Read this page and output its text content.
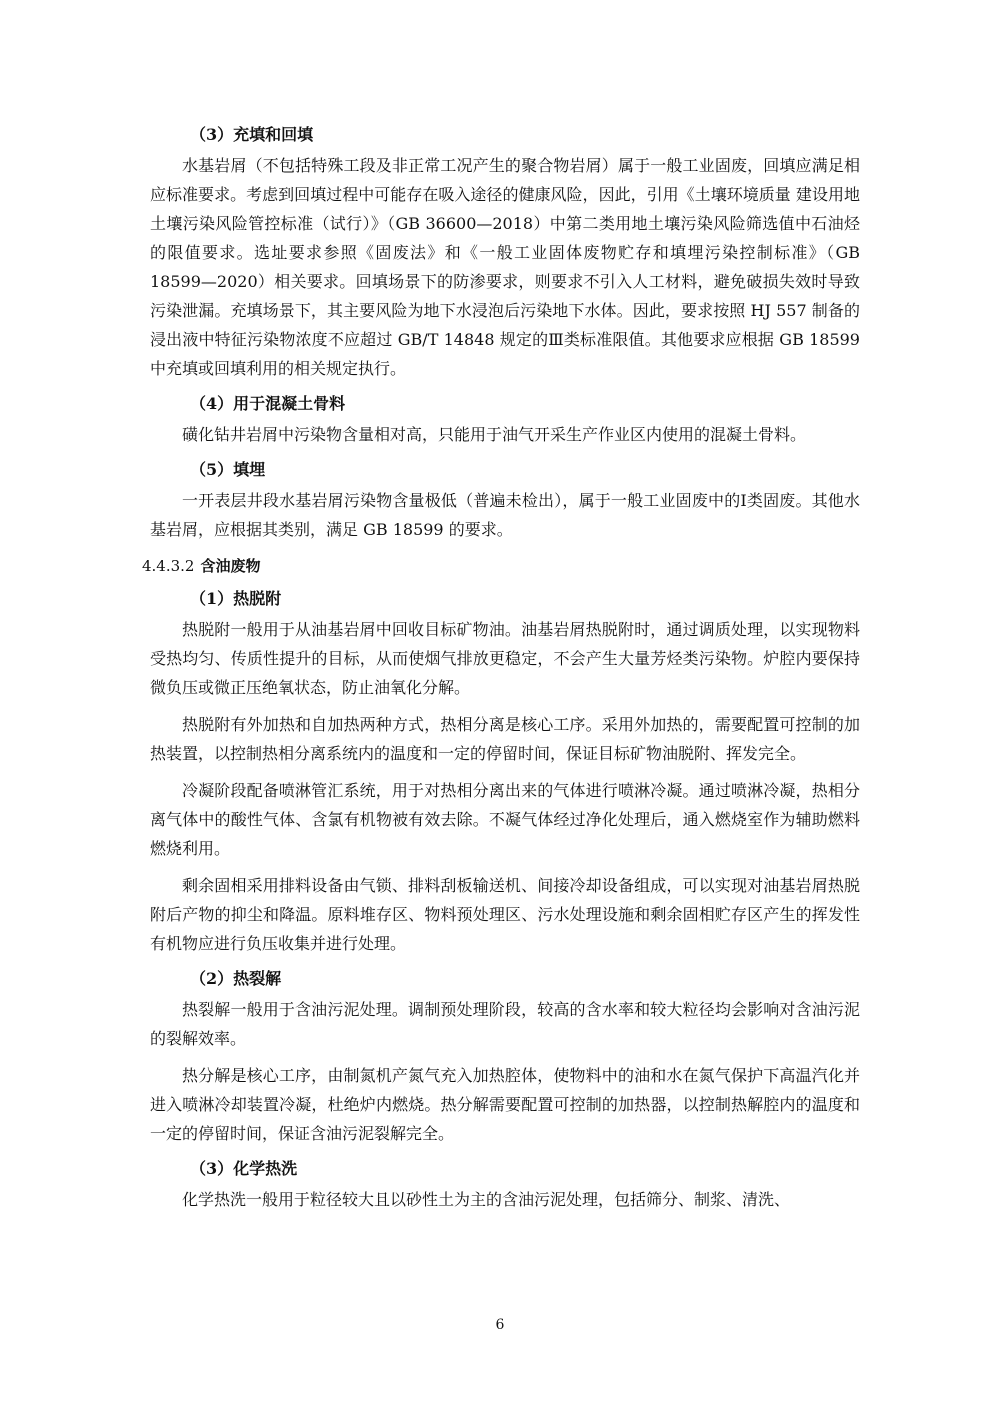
（3）充填和回填

水基岩屑（不包括特殊工段及非正常工况产生的聚合物岩屑）属于一般工业固废，回填应满足相应标准要求。考虑到回填过程中可能存在吸入途径的健康风险，因此，引用《土壤环境质量 建设用地土壤污染风险管控标准（试行）》（GB 36600—2018）中第二类用地土壤污染风险筛选值中石油烃的限值要求。选址要求参照《固废法》和《一般工业固体废物贮存和填埋污染控制标准》（GB 18599—2020）相关要求。回填场景下的防渗要求，则要求不引入人工材料，避免破损失效时导致污染泄漏。充填场景下，其主要风险为地下水浸泡后污染地下水体。因此，要求按照 HJ 557 制备的浸出液中特征污染物浓度不应超过 GB/T 14848 规定的Ⅲ类标准限值。其他要求应根据 GB 18599 中充填或回填利用的相关规定执行。

（4）用于混凝土骨料

磺化钻井岩屑中污染物含量相对高，只能用于油气开采生产作业区内使用的混凝土骨料。

（5）填埋

一开表层井段水基岩屑污染物含量极低（普遍未检出），属于一般工业固废中的Ⅰ类固废。其他水基岩屑，应根据其类别，满足 GB 18599 的要求。

4.4.3.2 含油废物
（1）热脱附

热脱附一般用于从油基岩屑中回收目标矿物油。油基岩屑热脱附时，通过调质处理，以实现物料受热均匀、传质性提升的目标，从而使烟气排放更稳定，不会产生大量芳烃类污染物。炉腔内要保持微负压或微正压绝氧状态，防止油氧化分解。

热脱附有外加热和自加热两种方式，热相分离是核心工序。采用外加热的，需要配置可控制的加热装置，以控制热相分离系统内的温度和一定的停留时间，保证目标矿物油脱附、挥发完全。

冷凝阶段配备喷淋管汇系统，用于对热相分离出来的气体进行喷淋冷凝。通过喷淋冷凝，热相分离气体中的酸性气体、含氯有机物被有效去除。不凝气体经过净化处理后，通入燃烧室作为辅助燃料燃烧利用。

剩余固相采用排料设备由气锁、排料刮板输送机、间接冷却设备组成，可以实现对油基岩屑热脱附后产物的抑尘和降温。原料堆存区、物料预处理区、污水处理设施和剩余固相贮存区产生的挥发性有机物应进行负压收集并进行处理。

（2）热裂解

热裂解一般用于含油污泥处理。调制预处理阶段，较高的含水率和较大粒径均会影响对含油污泥的裂解效率。

热分解是核心工序，由制氮机产氮气充入加热腔体，使物料中的油和水在氮气保护下高温汽化并进入喷淋冷却装置冷凝，杜绝炉内燃烧。热分解需要配置可控制的加热器，以控制热解腔内的温度和一定的停留时间，保证含油污泥裂解完全。

（3）化学热洗

化学热洗一般用于粒径较大且以砂性土为主的含油污泥处理，包括筛分、制浆、清洗、

6
